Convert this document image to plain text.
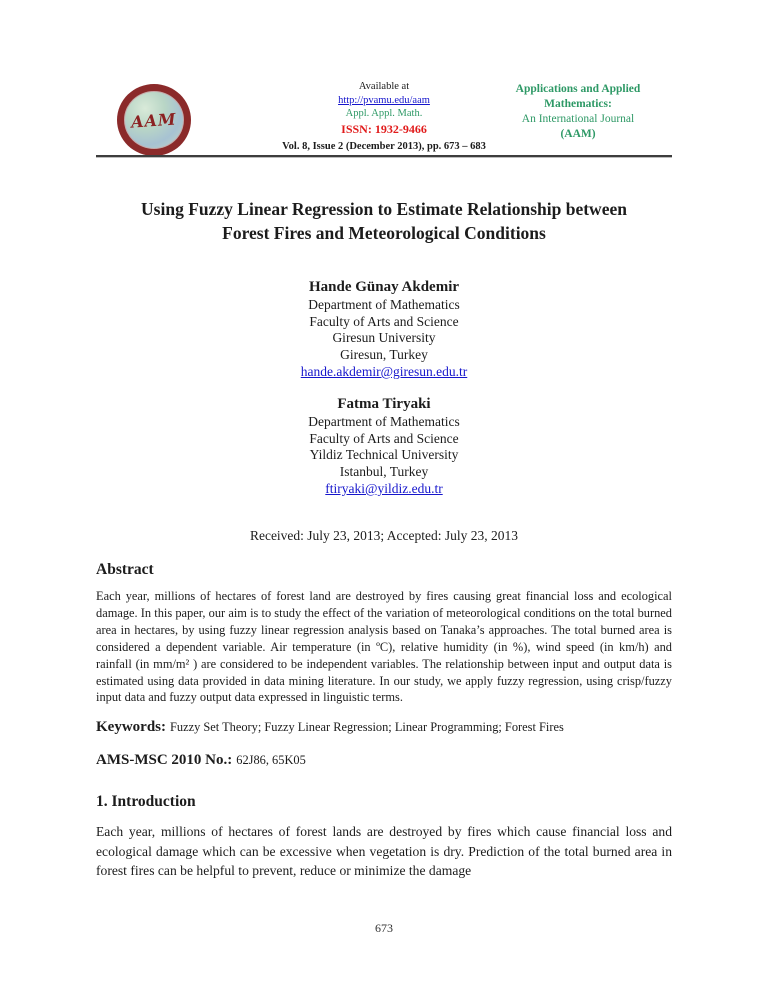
AAM
Available at
http://pvamu.edu/aam
Appl. Appl. Math.
ISSN: 1932-9466
Applications and Applied
Mathematics:
An International Journal
(AAM)
Vol. 8, Issue 2 (December 2013), pp. 673 – 683
Using Fuzzy Linear Regression to Estimate Relationship between
Forest Fires and Meteorological Conditions
Hande Günay Akdemir
Department of Mathematics
Faculty of Arts and Science
Giresun University
Giresun, Turkey
hande.akdemir@giresun.edu.tr
Fatma Tiryaki
Department of Mathematics
Faculty of Arts and Science
Yildiz Technical University
Istanbul, Turkey
ftiryaki@yildiz.edu.tr
Received: July 23, 2013; Accepted: July 23, 2013
Abstract
Each year, millions of hectares of forest land are destroyed by fires causing great financial loss and ecological damage. In this paper, our aim is to study the effect of the variation of meteorological conditions on the total burned area in hectares, by using fuzzy linear regression analysis based on Tanaka’s approaches. The total burned area is considered a dependent variable. Air temperature (in ºC), relative humidity (in %), wind speed (in km/h) and rainfall (in mm/m² ) are considered to be independent variables. The relationship between input and output data is estimated using data provided in data mining literature. In our study, we apply fuzzy regression, using crisp/fuzzy input data and fuzzy output data expressed in linguistic terms.
Keywords: Fuzzy Set Theory; Fuzzy Linear Regression; Linear Programming; Forest Fires
AMS-MSC 2010 No.: 62J86, 65K05
1. Introduction
Each year, millions of hectares of forest lands are destroyed by fires which cause financial loss and ecological damage which can be excessive when vegetation is dry. Prediction of the total burned area in forest fires can be helpful to prevent, reduce or minimize the damage
673
